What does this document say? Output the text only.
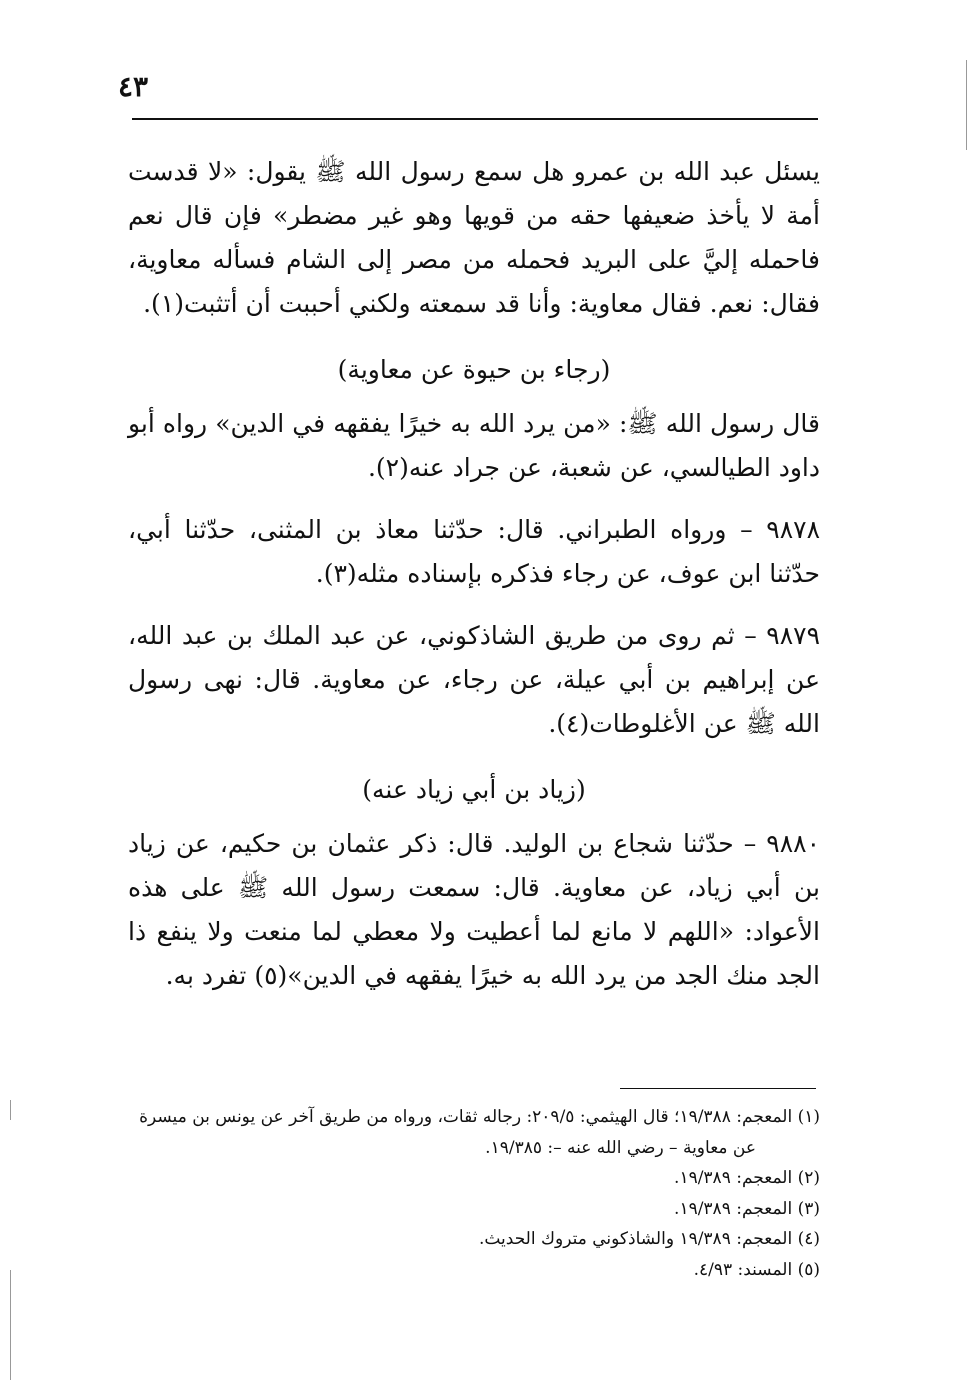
٤٣

يسئل عبد الله بن عمرو هل سمع رسول الله ﷺ يقول: «لا قدست أمة لا يأخذ ضعيفها حقه من قويها وهو غير مضطر» فإن قال نعم فاحمله إليَّ على البريد فحمله من مصر إلى الشام فسأله معاوية، فقال: نعم. فقال معاوية: وأنا قد سمعته ولكني أحببت أن أتثبت(١).

(رجاء بن حيوة عن معاوية)

قال رسول الله ﷺ: «من يرد الله به خيرًا يفقهه في الدين» رواه أبو داود الطيالسي، عن شعبة، عن جراد عنه(٢).

٩٨٧٨ – ورواه الطبراني. قال: حدّثنا معاذ بن المثنى، حدّثنا أبي، حدّثنا ابن عوف، عن رجاء فذكره بإسناده مثله(٣).

٩٨٧٩ – ثم روى من طريق الشاذكوني، عن عبد الملك بن عبد الله، عن إبراهيم بن أبي عيلة، عن رجاء، عن معاوية. قال: نهى رسول الله ﷺ عن الأغلوطات(٤).

(زياد بن أبي زياد عنه)

٩٨٨٠ – حدّثنا شجاع بن الوليد. قال: ذكر عثمان بن حكيم، عن زياد بن أبي زياد، عن معاوية. قال: سمعت رسول الله ﷺ على هذه الأعواد: «اللهم لا مانع لما أعطيت ولا معطي لما منعت ولا ينفع ذا الجد منك الجد من يرد الله به خيرًا يفقهه في الدين»(٥) تفرد به.

(١) المعجم: ١٩/٣٨٨؛ قال الهيثمي: ٢٠٩/٥: رجاله ثقات، ورواه من طريق آخر عن يونس بن ميسرة عن معاوية – رضي الله عنه –: ١٩/٣٨٥.

(٢) المعجم: ١٩/٣٨٩.

(٣) المعجم: ١٩/٣٨٩.

(٤) المعجم: ١٩/٣٨٩ والشاذكوني متروك الحديث.

(٥) المسند: ٤/٩٣.
